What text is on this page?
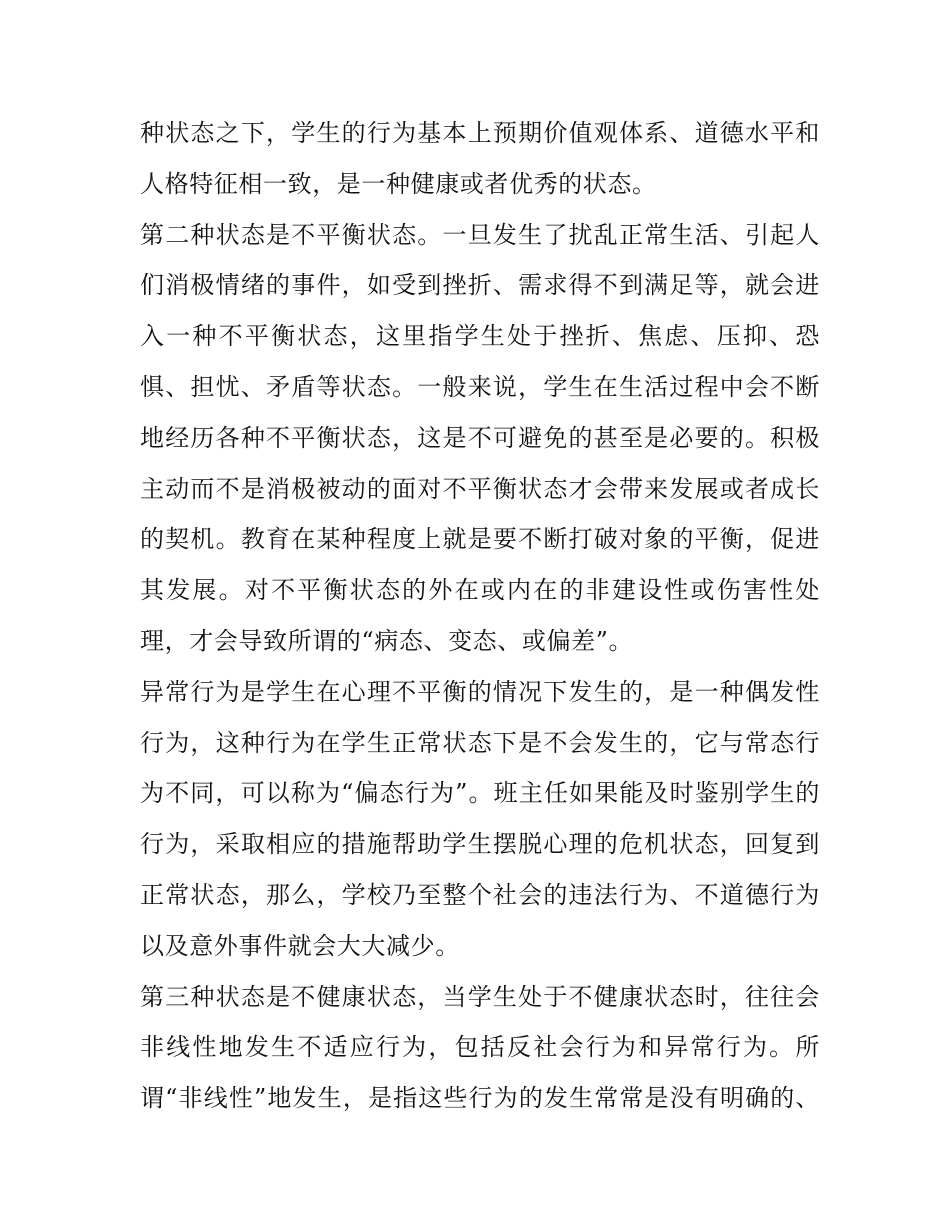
种状态之下，学生的行为基本上预期价值观体系、道德水平和
人格特征相一致，是一种健康或者优秀的状态。
第二种状态是不平衡状态。一旦发生了扰乱正常生活、引起人
们消极情绪的事件，如受到挫折、需求得不到满足等，就会进
入一种不平衡状态，这里指学生处于挫折、焦虑、压抑、恐
惧、担忧、矛盾等状态。一般来说，学生在生活过程中会不断
地经历各种不平衡状态，这是不可避免的甚至是必要的。积极
主动而不是消极被动的面对不平衡状态才会带来发展或者成长
的契机。教育在某种程度上就是要不断打破对象的平衡，促进
其发展。对不平衡状态的外在或内在的非建设性或伤害性处
理，才会导致所谓的“病态、变态、或偏差”。
异常行为是学生在心理不平衡的情况下发生的，是一种偶发性
行为，这种行为在学生正常状态下是不会发生的，它与常态行
为不同，可以称为“偏态行为”。班主任如果能及时鉴别学生的
行为，采取相应的措施帮助学生摆脱心理的危机状态，回复到
正常状态，那么，学校乃至整个社会的违法行为、不道德行为
以及意外事件就会大大减少。
第三种状态是不健康状态，当学生处于不健康状态时，往往会
非线性地发生不适应行为，包括反社会行为和异常行为。所
谓“非线性”地发生，是指这些行为的发生常常是没有明确的、
